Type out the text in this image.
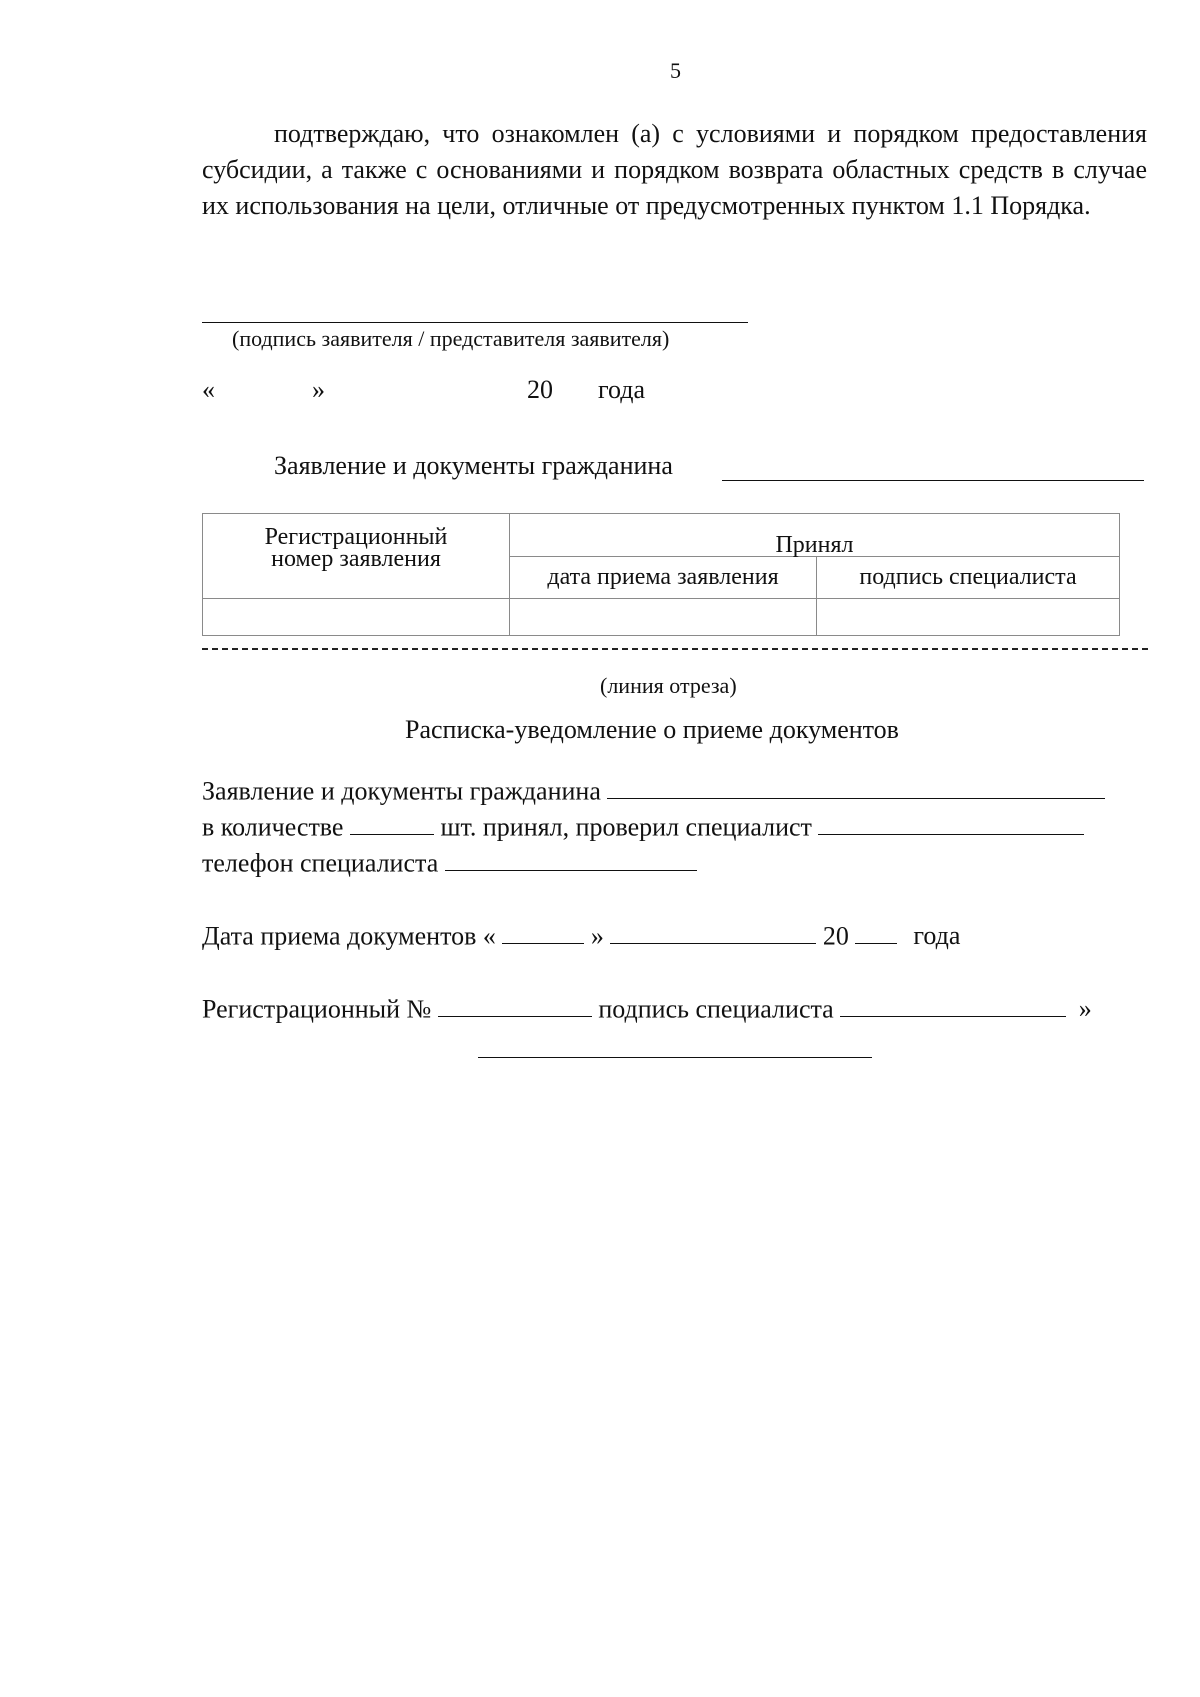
5

подтверждаю, что ознакомлен (а) с условиями и порядком предоставления субсидии, а также с основаниями и порядком возврата областных средств в случае их использования на цели, отличные от предусмотренных пунктом 1.1 Порядка.

(подпись заявителя / представителя заявителя)
«	»	20 года
Заявление и документы гражданина
Регистрационный номер заявления	Принял	
	дата приема заявления	подпись специалиста

(линия отреза)
Расписка-уведомление о приеме документов
Заявление и документы гражданина
в количестве	шт. принял, проверил специалист
телефон специалиста
Дата приема документов «	»	20 года
Регистрационный №	подпись специалиста	»
